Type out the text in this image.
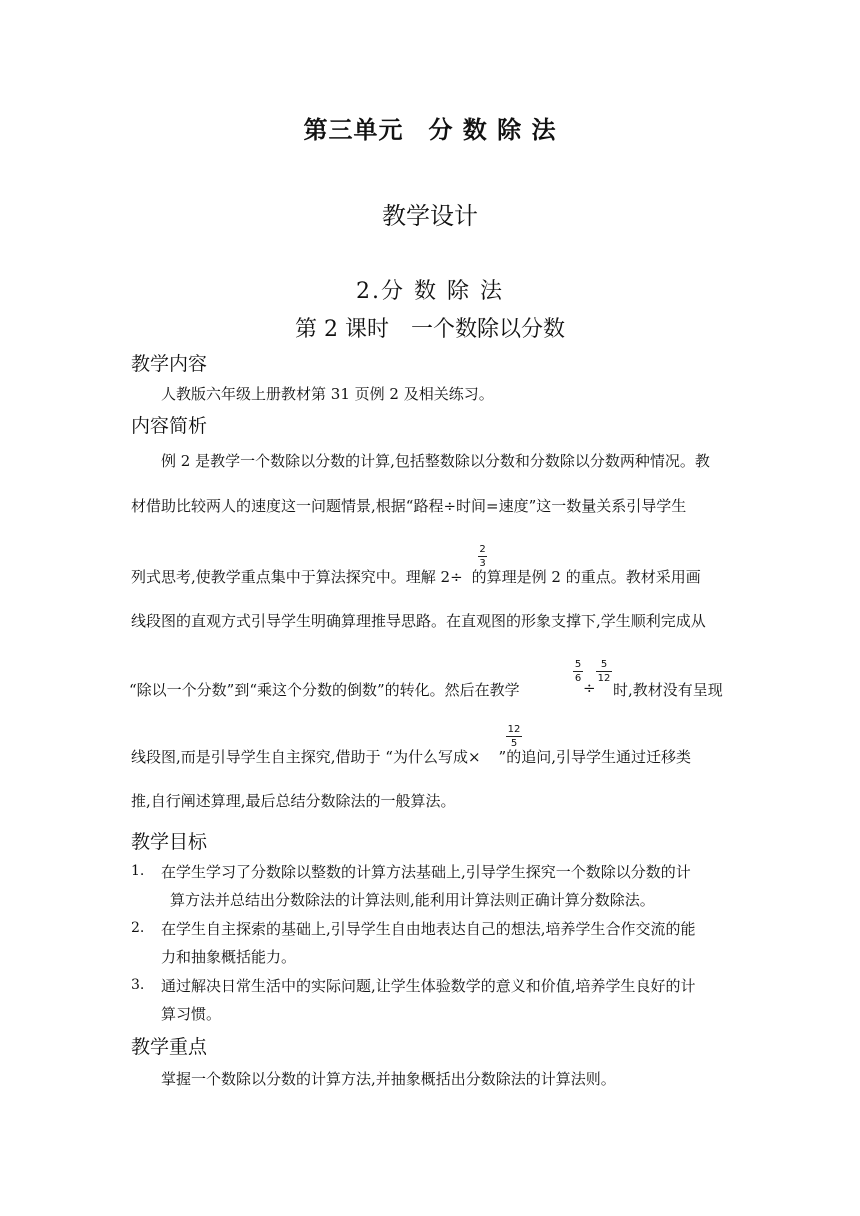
第三单元　分 数 除 法
教学设计
2.分 数 除 法
第 2 课时　一个数除以分数
教学内容
人教版六年级上册教材第 31 页例 2 及相关练习。
内容简析
例 2 是教学一个数除以分数的计算,包括整数除以分数和分数除以分数两种情况。教
材借助比较两人的速度这一问题情景,根据“路程÷时间=速度”这一数量关系引导学生
列式思考,使教学重点集中于算法探究中。理解 2÷ 的算理是例 2 的重点。教材采用画
2
3
线段图的直观方式引导学生明确算理推导思路。在直观图的形象支撑下,学生顺利完成从
“除以一个分数”到“乘这个分数的倒数”的转化。然后在教学
5
6
÷
5
12
时,教材没有呈现
线段图,而是引导学生自主探究,借助于 “为什么写成× ”的追问,引导学生通过迁移类
12
5
推,自行阐述算理,最后总结分数除法的一般算法。
教学目标
1. 在学生学习了分数除以整数的计算方法基础上,引导学生探究一个数除以分数的计
算方法并总结出分数除法的计算法则,能利用计算法则正确计算分数除法。
2. 在学生自主探索的基础上,引导学生自由地表达自己的想法,培养学生合作交流的能
力和抽象概括能力。
3. 通过解决日常生活中的实际问题,让学生体验数学的意义和价值,培养学生良好的计
算习惯。
教学重点
掌握一个数除以分数的计算方法,并抽象概括出分数除法的计算法则。
